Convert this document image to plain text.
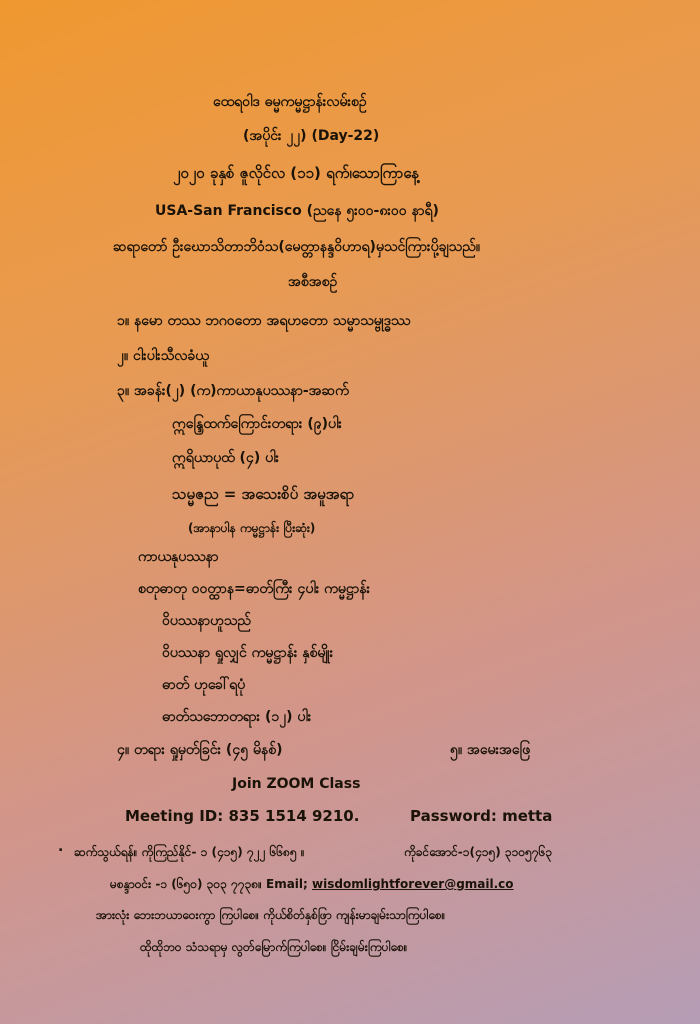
ထေရဝါဒ ဓမ္မကမ္မဋ္ဌာန်းလမ်းစဉ်
(အပိုင်း ၂၂) (Day-22)
၂၀၂၀ ခုနှစ် ဇူလိုင်လ (၁၁) ရက်၊သောကြာနေ့
USA-San Francisco (ညနေ ၅း၀၀-၈း၀၀ နာရီ)
ဆရာတော် ဦးဃောသိတာဘိဝံသ(မေတ္တာနန္ဒဝိဟာရ)မှသင်ကြားပို့ချသည်။
အစီအစဉ်
၁။ နမော တဿ ဘဂဝတော အရဟတော သမ္မာသမ္ဗုဒ္ဓဿ
၂။ ငါးပါးသီလခံယူ
၃။ အခန်း(၂) (က)ကာယာနုပဿနာ-အဆက်
ဣန္ဒြေထက်ကြောင်းတရား (၉)ပါး
ဣရိယာပုထ် (၄) ပါး
သမ္မဇည = အသေးစိပ် အမူအရာ
(အာနာပါန ကမ္မဋ္ဌာန်း ပြီးဆုံး)
ကာယနုပဿနာ
စတုဓာတု ဝဝတ္ထာန=ဓာတ်ကြီး ၄ပါး ကမ္မဋ္ဌာန်း
ဝိပဿနာဟူသည်
ဝိပဿနာ ရှုလျှင် ကမ္မဋ္ဌာန်း နှစ်မျိုး
ဓာတ် ဟုခေါ်ရပုံ
ဓာတ်သဘောတရား (၁၂) ပါး
၄။ တရား ရှုမှတ်ခြင်း (၄၅ မိနစ်)	၅။ အမေးအဖြေ
Join ZOOM Class
Meeting ID: 835 1514 9210.	Password: metta
. ဆက်သွယ်ရန်။ ကိုကြည်နိုင်- ၁ (၄၁၅) ၇၂၂ ၆၆၈၅ ။	ကိုခင်အောင်-၁(၄၁၅) ၃၁၀၅၇၆၃
မစန္ဒာဝင်း -၁ (၆၅၀) ၃၀၃ ၇၇၃၈။ Email; wisdomlightforever@gmail.co
အားလုံး ဘေးဘယာဝေးကွာ ကြပါစေ။ ကိုယ်စိတ်နှစ်ဖြာ ကျန်းမာချမ်းသာကြပါစေ။
ထိုထိုဘဝ သံသရာမှ လွတ်မြောက်ကြပါစေ။ ငြိမ်းချမ်းကြပါစေ။
